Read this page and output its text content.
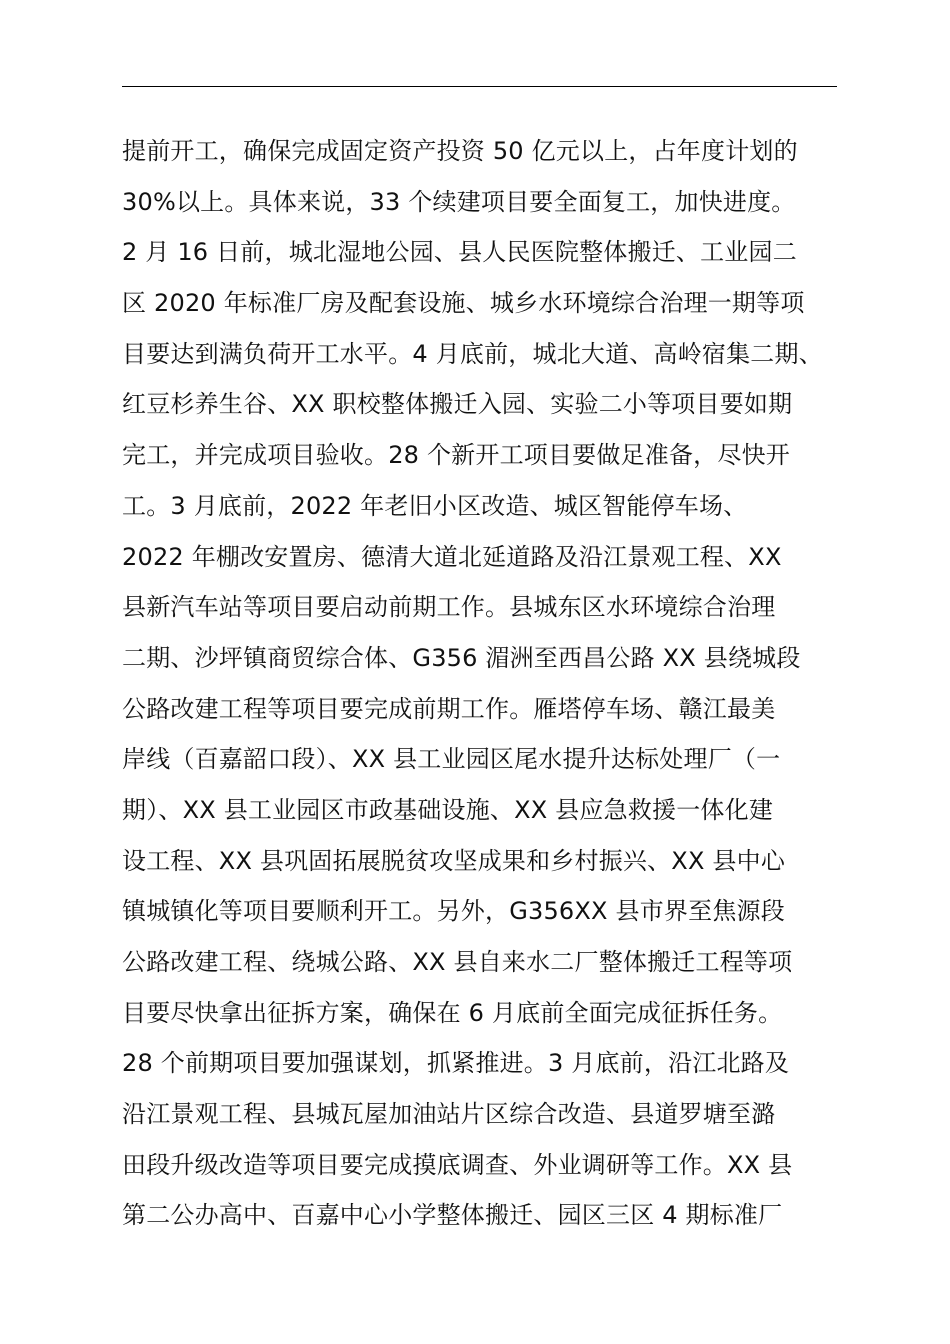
提前开工，确保完成固定资产投资 50 亿元以上，占年度计划的
30%以上。具体来说，33 个续建项目要全面复工，加快进度。
2 月 16 日前，城北湿地公园、县人民医院整体搬迁、工业园二
区 2020 年标准厂房及配套设施、城乡水环境综合治理一期等项
目要达到满负荷开工水平。4 月底前，城北大道、高岭宿集二期、
红豆杉养生谷、XX 职校整体搬迁入园、实验二小等项目要如期
完工，并完成项目验收。28 个新开工项目要做足准备，尽快开
工。3 月底前，2022 年老旧小区改造、城区智能停车场、
2022 年棚改安置房、德清大道北延道路及沿江景观工程、XX
县新汽车站等项目要启动前期工作。县城东区水环境综合治理
二期、沙坪镇商贸综合体、G356 湄洲至西昌公路 XX 县绕城段
公路改建工程等项目要完成前期工作。雁塔停车场、赣江最美
岸线（百嘉韶口段）、XX 县工业园区尾水提升达标处理厂（一
期）、XX 县工业园区市政基础设施、XX 县应急救援一体化建
设工程、XX 县巩固拓展脱贫攻坚成果和乡村振兴、XX 县中心
镇城镇化等项目要顺利开工。另外，G356XX 县市界至焦源段
公路改建工程、绕城公路、XX 县自来水二厂整体搬迁工程等项
目要尽快拿出征拆方案，确保在 6 月底前全面完成征拆任务。
28 个前期项目要加强谋划，抓紧推进。3 月底前，沿江北路及
沿江景观工程、县城瓦屋加油站片区综合改造、县道罗塘至潞
田段升级改造等项目要完成摸底调查、外业调研等工作。XX 县
第二公办高中、百嘉中心小学整体搬迁、园区三区 4 期标准厂
